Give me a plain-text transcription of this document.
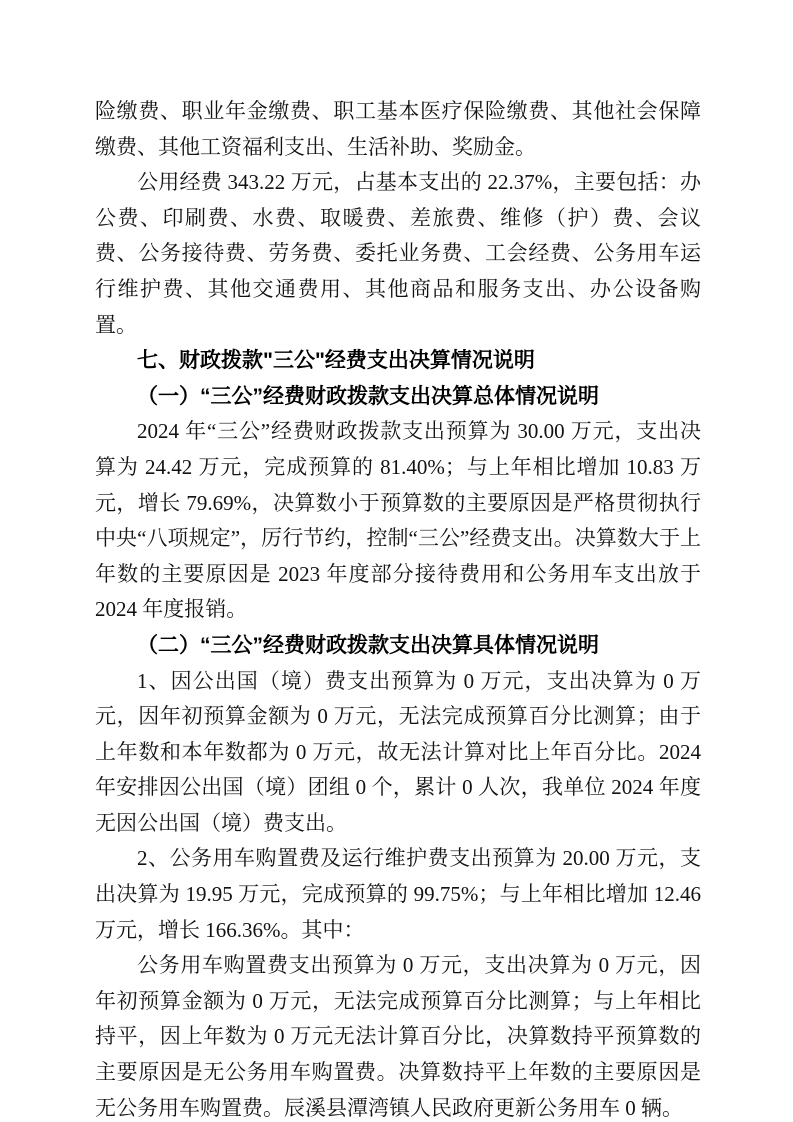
险缴费、职业年金缴费、职工基本医疗保险缴费、其他社会保障缴费、其他工资福利支出、生活补助、奖励金。

公用经费 343.22 万元，占基本支出的 22.37%，主要包括：办公费、印刷费、水费、取暖费、差旅费、维修（护）费、会议费、公务接待费、劳务费、委托业务费、工会经费、公务用车运行维护费、其他交通费用、其他商品和服务支出、办公设备购置。

七、财政拨款"三公"经费支出决算情况说明
（一）“三公”经费财政拨款支出决算总体情况说明

2024 年“三公”经费财政拨款支出预算为 30.00 万元，支出决算为 24.42 万元，完成预算的 81.40%；与上年相比增加 10.83 万元，增长 79.69%，决算数小于预算数的主要原因是严格贯彻执行中央“八项规定”，厉行节约，控制“三公”经费支出。决算数大于上年数的主要原因是 2023 年度部分接待费用和公务用车支出放于 2024 年度报销。

（二）“三公”经费财政拨款支出决算具体情况说明

1、因公出国（境）费支出预算为 0 万元，支出决算为 0 万元，因年初预算金额为 0 万元，无法完成预算百分比测算；由于上年数和本年数都为 0 万元，故无法计算对比上年百分比。2024 年安排因公出国（境）团组 0 个，累计 0 人次，我单位 2024 年度无因公出国（境）费支出。

2、公务用车购置费及运行维护费支出预算为 20.00 万元，支出决算为 19.95 万元，完成预算的 99.75%；与上年相比增加 12.46 万元，增长 166.36%。其中：

公务用车购置费支出预算为 0 万元，支出决算为 0 万元，因年初预算金额为 0 万元，无法完成预算百分比测算；与上年相比持平，因上年数为 0 万元无法计算百分比，决算数持平预算数的主要原因是无公务用车购置费。决算数持平上年数的主要原因是无公务用车购置费。辰溪县潭湾镇人民政府更新公务用车 0 辆。
